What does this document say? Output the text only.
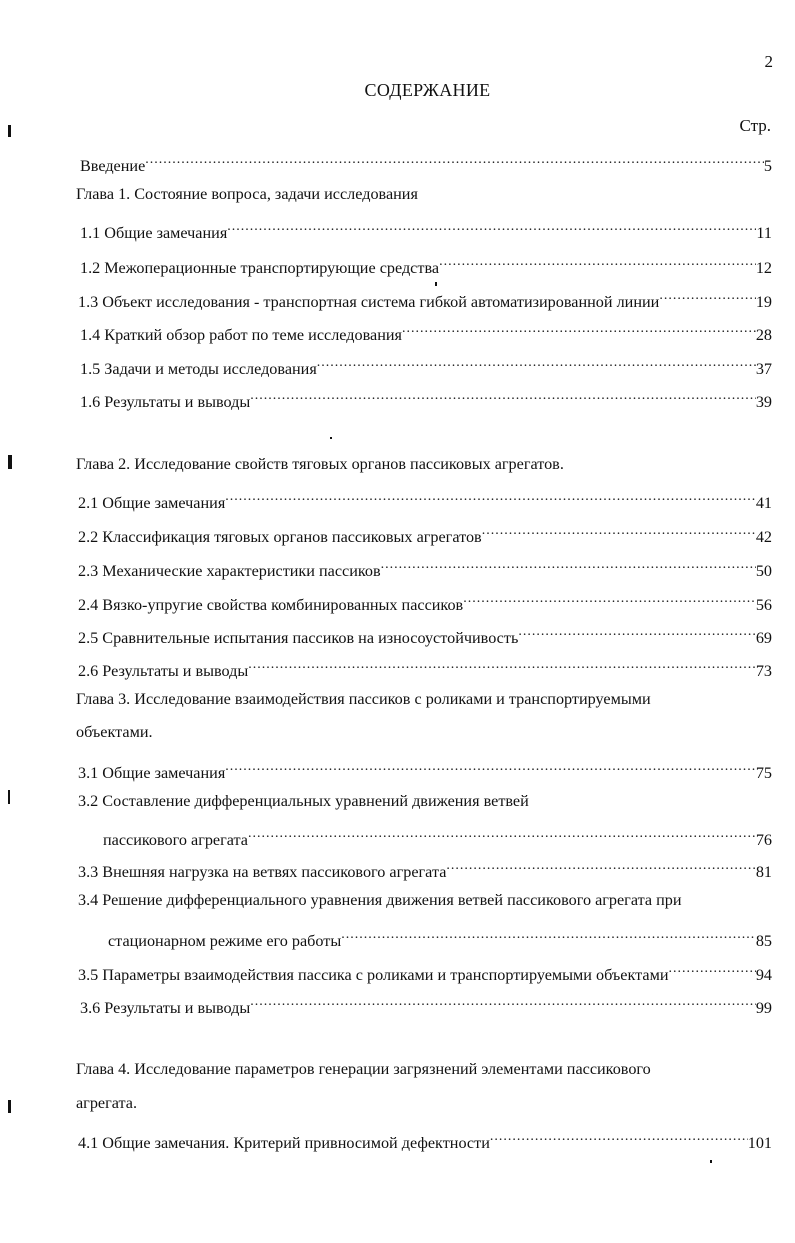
2
СОДЕРЖАНИЕ
Стр.
Введение .....	5
Глава 1. Состояние вопроса, задачи исследования
1.1 Общие замечания .....	11
1.2 Межоперационные транспортирующие средства .....	12
1.3 Объект исследования - транспортная система гибкой автоматизированной линии .....	19
1.4 Краткий обзор работ по теме исследования .....	28
1.5 Задачи и методы исследования .....	37
1.6 Результаты и выводы .....	39
Глава 2. Исследование свойств тяговых органов пассиковых агрегатов.
2.1 Общие замечания .....	41
2.2 Классификация тяговых органов пассиковых агрегатов .....	42
2.3 Механические характеристики пассиков .....	50
2.4 Вязко-упругие свойства комбинированных пассиков .....	56
2.5 Сравнительные испытания пассиков на износоустойчивость .....	69
2.6 Результаты и выводы .....	73
Глава 3. Исследование взаимодействия пассиков с роликами и транспортируемыми
объектами.
3.1 Общие замечания .....	75
3.2 Составление дифференциальных уравнений движения ветвей
пассикового агрегата .....	76
3.3 Внешняя нагрузка на ветвях пассикового агрегата .....	81
3.4 Решение дифференциального уравнения движения ветвей пассикового агрегата при
стационарном режиме его работы .....	85
3.5 Параметры взаимодействия пассика с роликами и транспортируемыми объектами .....	94
3.6 Результаты и выводы .....	99
Глава 4. Исследование параметров генерации загрязнений элементами пассикового
агрегата.
4.1 Общие замечания. Критерий привносимой дефектности .....	101
